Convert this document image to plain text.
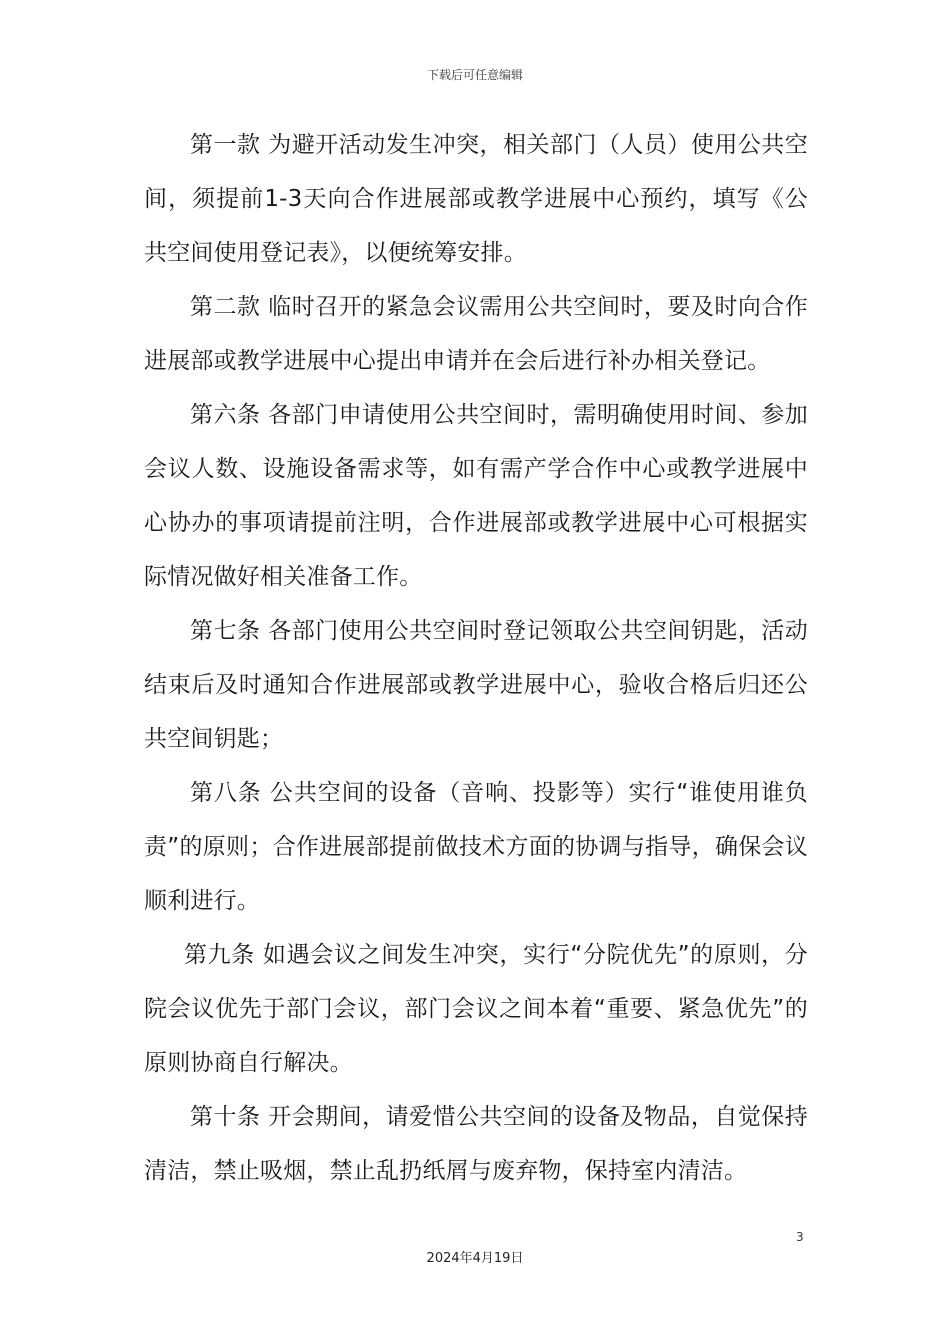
下载后可任意编辑

第一款 为避开活动发生冲突，相关部门（人员）使用公共空间，须提前1-3天向合作进展部或教学进展中心预约，填写《公共空间使用登记表》，以便统筹安排。

第二款 临时召开的紧急会议需用公共空间时，要及时向合作进展部或教学进展中心提出申请并在会后进行补办相关登记。

第六条 各部门申请使用公共空间时，需明确使用时间、参加会议人数、设施设备需求等，如有需产学合作中心或教学进展中心协办的事项请提前注明，合作进展部或教学进展中心可根据实际情况做好相关准备工作。

第七条 各部门使用公共空间时登记领取公共空间钥匙，活动结束后及时通知合作进展部或教学进展中心，验收合格后归还公共空间钥匙；

第八条 公共空间的设备（音响、投影等）实行“谁使用谁负责”的原则；合作进展部提前做技术方面的协调与指导，确保会议顺利进行。

第九条 如遇会议之间发生冲突，实行“分院优先”的原则，分院会议优先于部门会议，部门会议之间本着“重要、紧急优先”的原则协商自行解决。

第十条 开会期间，请爱惜公共空间的设备及物品，自觉保持清洁，禁止吸烟，禁止乱扔纸屑与废弃物，保持室内清洁。

3
2024年4月19日
